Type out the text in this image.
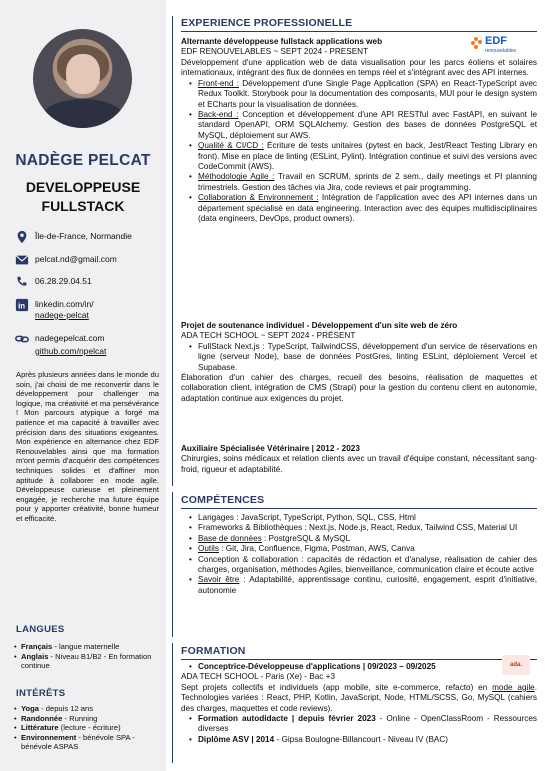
NADÈGE PELCAT
DEVELOPPEUSE
FULLSTACK
Île-de-France, Normandie
pelcat.nd@gmail.com
06.28.29.04.51
in linkedin.com/in/
nadege-pelcat
nadegepelcat.com
github.com/npelcat
Après plusieurs années dans le monde du soin, j'ai choisi de me reconvertir dans le développement pour challenger ma logique, ma créativité et ma persévérance ! Mon parcours atypique a forgé ma patience et ma capacité à travailler avec précision dans des situations exigeantes. Mon expérience en alternance chez EDF Renouvelables ainsi que ma formation m'ont permis d'acquérir des compétences techniques solides et d'affiner mon aptitude à collaborer en mode agile. Développeuse curieuse et pleinement engagée, je recherche ma future équipe pour y apporter créativité, bonne humeur et efficacité.
LANGUES
• Français - langue maternelle
• Anglais - Niveau B1/B2 - En formation continue
INTÉRÊTS
• Yoga - depuis 12 ans
• Randonnée - Running
• Littérature (lecture - écriture)
• Environnement - bénévole SPA - bénévole ASPAS
EXPERIENCE PROFESSIONELLE
EDF
renouvelables
Alternante développeuse fullstack applications web
EDF RENOUVELABLES ~ SEPT 2024 - PRESENT

Développement d'une application web de data visualisation pour les parcs éoliens et solaires internationaux, intégrant des flux de données en temps réel et s'intégrant avec des API internes.

• Front-end : Développement d'une Single Page Application (SPA) en React-TypeScript avec Redux Toolkit. Storybook pour la documentation des composants, MUI pour le design system et ECharts pour la visualisation de données.
• Back-end : Conception et développement d'une API RESTful avec FastAPI, en suivant le standard OpenAPI, ORM SQLAlchemy. Gestion des bases de données PostgreSQL et MySQL, déploiement sur AWS.
• Qualité & CI/CD : Écriture de tests unitaires (pytest en back, Jest/React Testing Library en front). Mise en place de linting (ESLint, Pylint). Intégration continue et suivi des versions avec CodeCommit (AWS).
• Méthodologie Agile : Travail en SCRUM, sprints de 2 sem., daily meetings et PI planning trimestriels. Gestion des tâches via Jira, code reviews et pair programming.
• Collaboration & Environnement : Intégration de l'application avec des API internes dans un département spécialisé en data engineering. Interaction avec des équipes multidisciplinaires (data engineers, DevOps, product owners).
Projet de soutenance individuel - Développement d'un site web de zéro
ADA TECH SCHOOL ~ SEPT 2024 - PRÉSENT
• FullStack Next.js : TypeScript, TailwindCSS, développement d'un service de réservations en ligne (serveur Node), base de données PostGres, linting ESLint, déploiement Vercel et Supabase.

Élaboration d'un cahier des charges, recueil des besoins, réalisation de maquettes et collaboration client, intégration de CMS (Strapi) pour la gestion du contenu client en autonomie, adaptation continue aux exigences du projet.

Auxiliaire Spécialisée Vétérinaire | 2012 - 2023

Chirurgies, soins médicaux et relation clients avec un travail d'équipe constant, nécessitant sang-froid, rigueur et adaptabilité.

COMPÉTENCES
• Langages : JavaScript, TypeScript, Python, SQL, CSS, Html
• Frameworks & Bibliothèques : Next.js, Node.js, React, Redux, Tailwind CSS, Material UI
• Base de données : PostgreSQL & MySQL
• Outils : Git, Jira, Confluence, Figma, Postman, AWS, Canva
• Conception & collaboration : capacités de rédaction et d'analyse, réalisation de cahier des charges, organisation, méthodes Agiles, bienveillance, communication claire et écoute active
• Savoir être : Adaptabilité, apprentissage continu, curiosité, engagement, esprit d'initiative, autonomie
FORMATION
ada.
• Conceptrice-Développeuse d'applications | 09/2023 – 09/2025
ADA TECH SCHOOL - Paris (Xe) - Bac +3

Sept projets collectifs et individuels (app mobile, site e-commerce, refacto) en mode agile. Technologies variées : React, PHP, Kotlin, JavaScript, Node, HTML/SCSS, Go, MySQL (cahiers des charges, maquettes et code reviews).

• Formation autodidacte | depuis février 2023 - Online - OpenClassRoom - Ressources diverses
• Diplôme ASV | 2014 - Gipsa Boulogne-Billancourt - Niveau IV (BAC)
